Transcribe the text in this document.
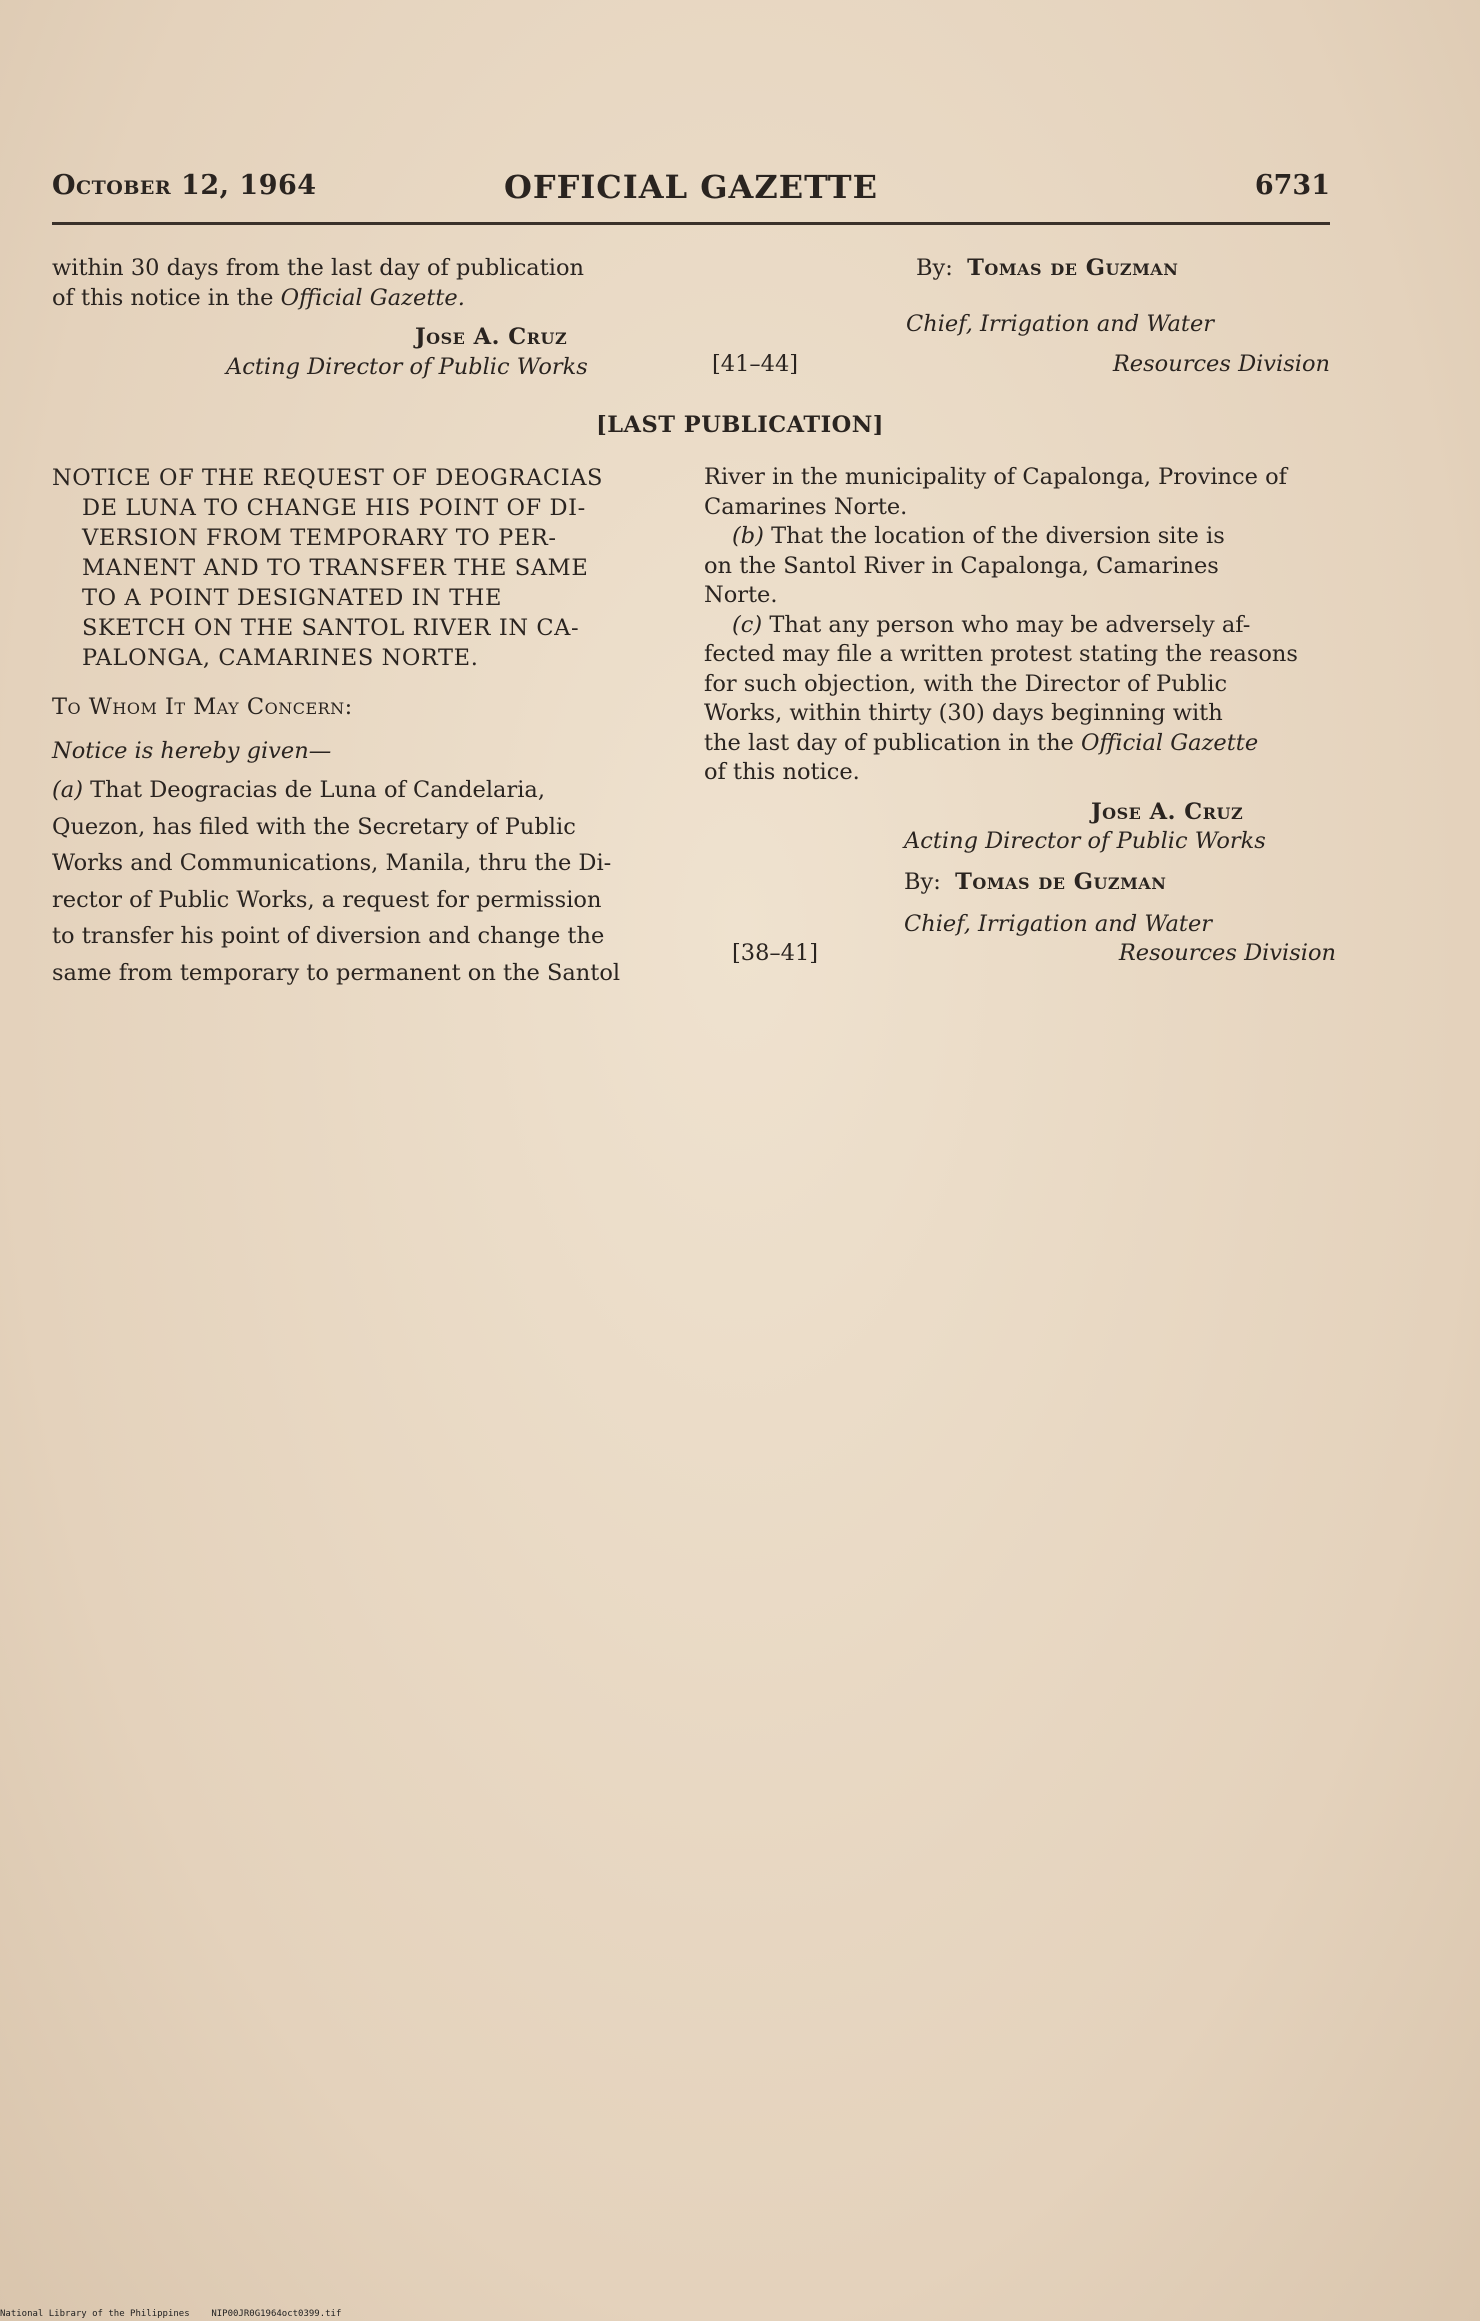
October 12, 1964	OFFICIAL GAZETTE	6731

within 30 days from the last day of publication

of this notice in the Official Gazette.

Jose A. Cruz

Acting Director of Public Works

By: Tomas de Guzman
Chief, Irrigation and Water
[41–44]	Resources Division
[LAST PUBLICATION]
NOTICE OF THE REQUEST OF DEOGRACIAS
DE LUNA TO CHANGE HIS POINT OF DI-
VERSION FROM TEMPORARY TO PER-
MANENT AND TO TRANSFER THE SAME
TO A POINT DESIGNATED IN THE
SKETCH ON THE SANTOL RIVER IN CA-
PALONGA, CAMARINES NORTE.

To Whom It May Concern:

Notice is hereby given—

(a) That Deogracias de Luna of Candelaria,

Quezon, has filed with the Secretary of Public

Works and Communications, Manila, thru the Di-

rector of Public Works, a request for permission

to transfer his point of diversion and change the

same from temporary to permanent on the Santol

River in the municipality of Capalonga, Province of

Camarines Norte.

(b) That the location of the diversion site is

on the Santol River in Capalonga, Camarines

Norte.

(c) That any person who may be adversely af-

fected may file a written protest stating the reasons

for such objection, with the Director of Public

Works, within thirty (30) days beginning with

the last day of publication in the Official Gazette

of this notice.

Jose A. Cruz
Acting Director of Public Works
By: Tomas de Guzman
Chief, Irrigation and Water
[38–41]	Resources Division
National Library of the Philippines NIP00JR0G1964oct0399.tif
